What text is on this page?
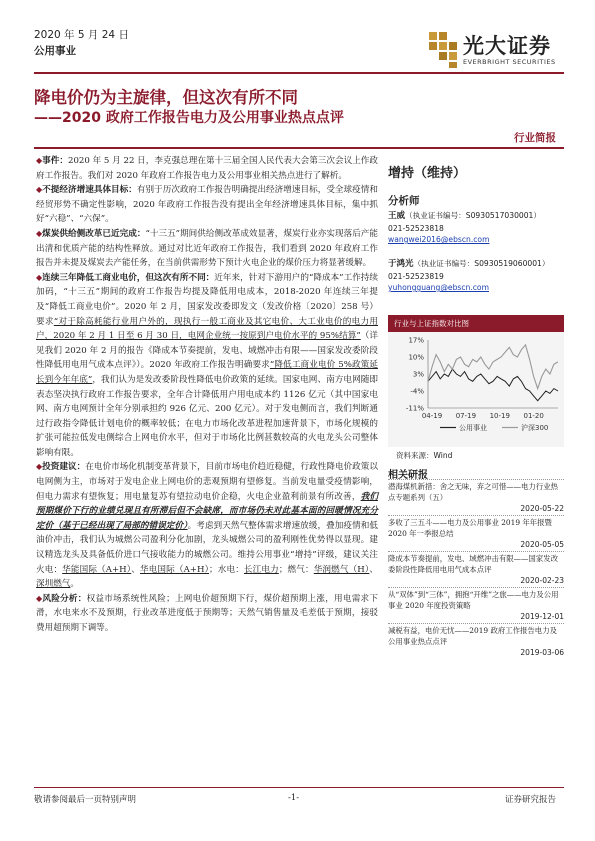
2020 年 5 月 24 日
公用事业	光大证券
EVERBRIGHT SECURITIES
降电价仍为主旋律，但这次有所不同
——2020 政府工作报告电力及公用事业热点点评
行业简报

◆事件：2020 年 5 月 22 日，李克强总理在第十三届全国人民代表大会第三次会议上作政府工作报告。我们对 2020 年政府工作报告电力及公用事业相关热点进行了解析。

◆不提经济增速具体目标：有别于历次政府工作报告明确提出经济增速目标，受全球疫情和经贸形势不确定性影响，2020 年政府工作报告没有提出全年经济增速具体目标，集中抓好“六稳”、“六保”。

◆煤炭供给侧改革已近完成：“十三五”期间供给侧改革成效显著，煤炭行业亦实现落后产能出清和优质产能的结构性释放。通过对比近年政府工作报告，我们看到 2020 年政府工作报告并未提及煤炭去产能任务，在当前供需形势下预计火电企业的煤价压力将显著缓解。

◆连续三年降低工商业电价，但这次有所不同：近年来，针对下游用户的“降成本”工作持续加码，“十三五”期间的政府工作报告均提及降低用电成本，2018-2020 年连续三年提及“降低工商业电价”。2020 年 2 月，国家发改委即发文（发改价格〔2020〕258 号）要求“对于除高耗能行业用户外的，现执行一般工商业及其它电价、大工业电价的电力用户，2020 年 2 月 1 日至 6 月 30 日，电网企业统一按原到户电价水平的 95%结算”（详见我们 2020 年 2 月的报告《降成本节奏提前，发电、域燃冲击有限——国家发改委阶段性降低用电用气成本点评》）。2020 年政府工作报告明确要求“降低工商业电价 5%政策延长到今年年底”，我们认为是发改委阶段性降低电价政策的延续。国家电网、南方电网随即表态坚决执行政府工作报告要求，全年合计降低用户用电成本约 1126 亿元（其中国家电网、南方电网预计全年分别承担约 926 亿元、200 亿元）。对于发电侧而言，我们判断通过行政指令降低计划电价的概率较低；在电力市场化改革进程加速背景下，市场化规模的扩张可能拉低发电侧综合上网电价水平，但对于市场化比例甚数较高的火电龙头公司整体影响有限。

◆投资建议：在电价市场化机制变革背景下，目前市场电价趋近稳健，行政性降电价政策以电网侧为主，市场对于发电企业上网电价的悲观预期有望修复。当前发电量受疫情影响，但电力需求有望恢复；用电量复苏有望拉动电价企稳，火电企业盈利前景有所改善，我们预期煤价下行的业绩兑现且有所滞后但不会缺席，而市场仍未对此基本面的回暖情况充分定价（基于已经出现了局部的错误定价）。考虑到天然气整体需求增速放缓，叠加疫情和低油价冲击，我们认为城燃公司盈利分化加剧，龙头城燃公司的盈利刚性优势得以显现。建议精选龙头及具备低价进口气接收能力的城燃公司。维持公用事业“增持”评级，建议关注火电：华能国际（A+H）、华电国际（A+H）；水电：长江电力；燃气：华润燃气（H）、深圳燃气。

◆风险分析：权益市场系统性风险；上网电价超预期下行，煤价超预期上涨，用电需求下滑，水电来水不及预期，行业改革进度低于预期等；天然气销售量及毛差低于预期，接驳费用超预期下调等。

增持（维持）
分析师
王威（执业证书编号：S0930517030001）
021-52523818
wangwei2016@ebscn.com
于鸿光（执业证书编号：S0930519060001）
021-52523819
yuhongguang@ebscn.com
行业与上证指数对比图
17%
10%
3%
-4%
-11%
04-19 07-19 10-19 01-20
公用事业	沪深300
资料来源：Wind
相关研报
潜海煤机新措：舍之无味，弃之可惜——电力行业热点专题系列（五）
2020-05-22
多收了三五斗——电力及公用事业 2019 年年报暨 2020 年一季报总结
2020-05-05
降成本节奏提前，发电、域燃冲击有限——国家发改委阶段性降低用电用气成本点评
2020-02-23
从“双体”到“三体”，拥抱“开维”之旅——电力及公用事业 2020 年度投资策略
2019-12-01
减税有益，电价无忧——2019 政府工作报告电力及公用事业热点点评
2019-03-06
敬请参阅最后一页特别声明	-1-	证券研究报告
